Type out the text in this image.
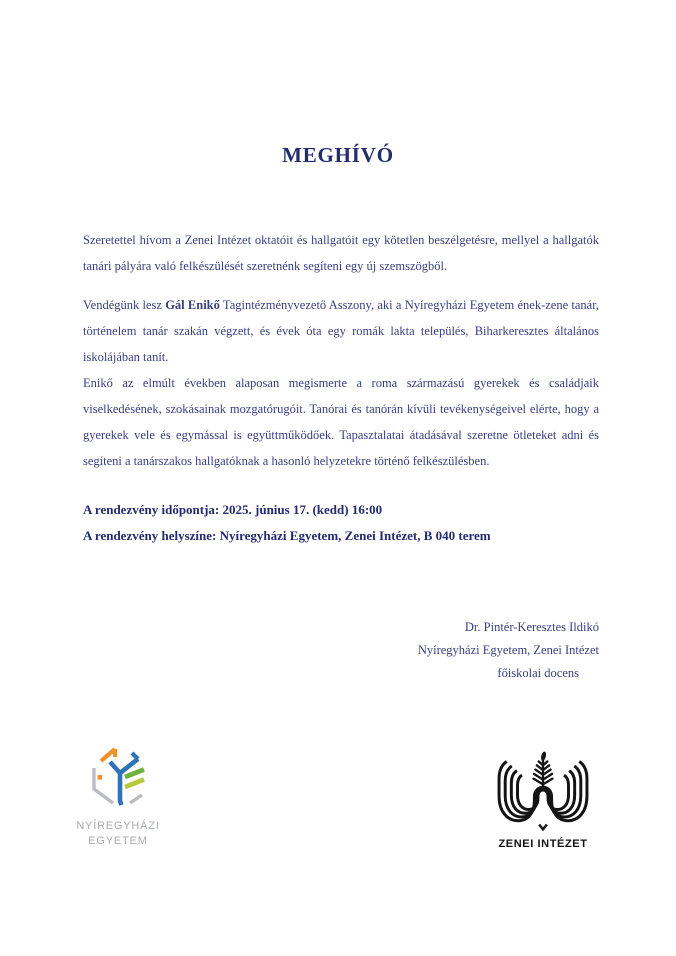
MEGHÍVÓ

Szeretettel hívom a Zenei Intézet oktatóit és hallgatóit egy kötetlen beszélgetésre, mellyel a hallgatók tanári pályára való felkészülését szeretnénk segíteni egy új szemszögből.

Vendégünk lesz Gál Enikő Tagintézményvezető Asszony, aki a Nyíregyházi Egyetem ének-zene tanár, történelem tanár szakán végzett, és évek óta egy romák lakta település, Biharkeresztes általános iskolájában tanít.

Enikő az elmúlt években alaposan megismerte a roma származású gyerekek és családjaik viselkedésének, szokásainak mozgatórugóit. Tanórai és tanórán kívüli tevékenységeivel elérte, hogy a gyerekek vele és egymással is együttműködőek. Tapasztalatai átadásával szeretne ötleteket adni és segíteni a tanárszakos hallgatóknak a hasonló helyzetekre történő felkészülésben.

A rendezvény időpontja: 2025. június 17. (kedd) 16:00
A rendezvény helyszíne: Nyíregyházi Egyetem, Zenei Intézet, B 040 terem
Dr. Pintér-Keresztes Ildikó
Nyíregyházi Egyetem, Zenei Intézet
főiskolai docens
NYÍREGYHÁZI
EGYETEM	ZENEI INTÉZET
